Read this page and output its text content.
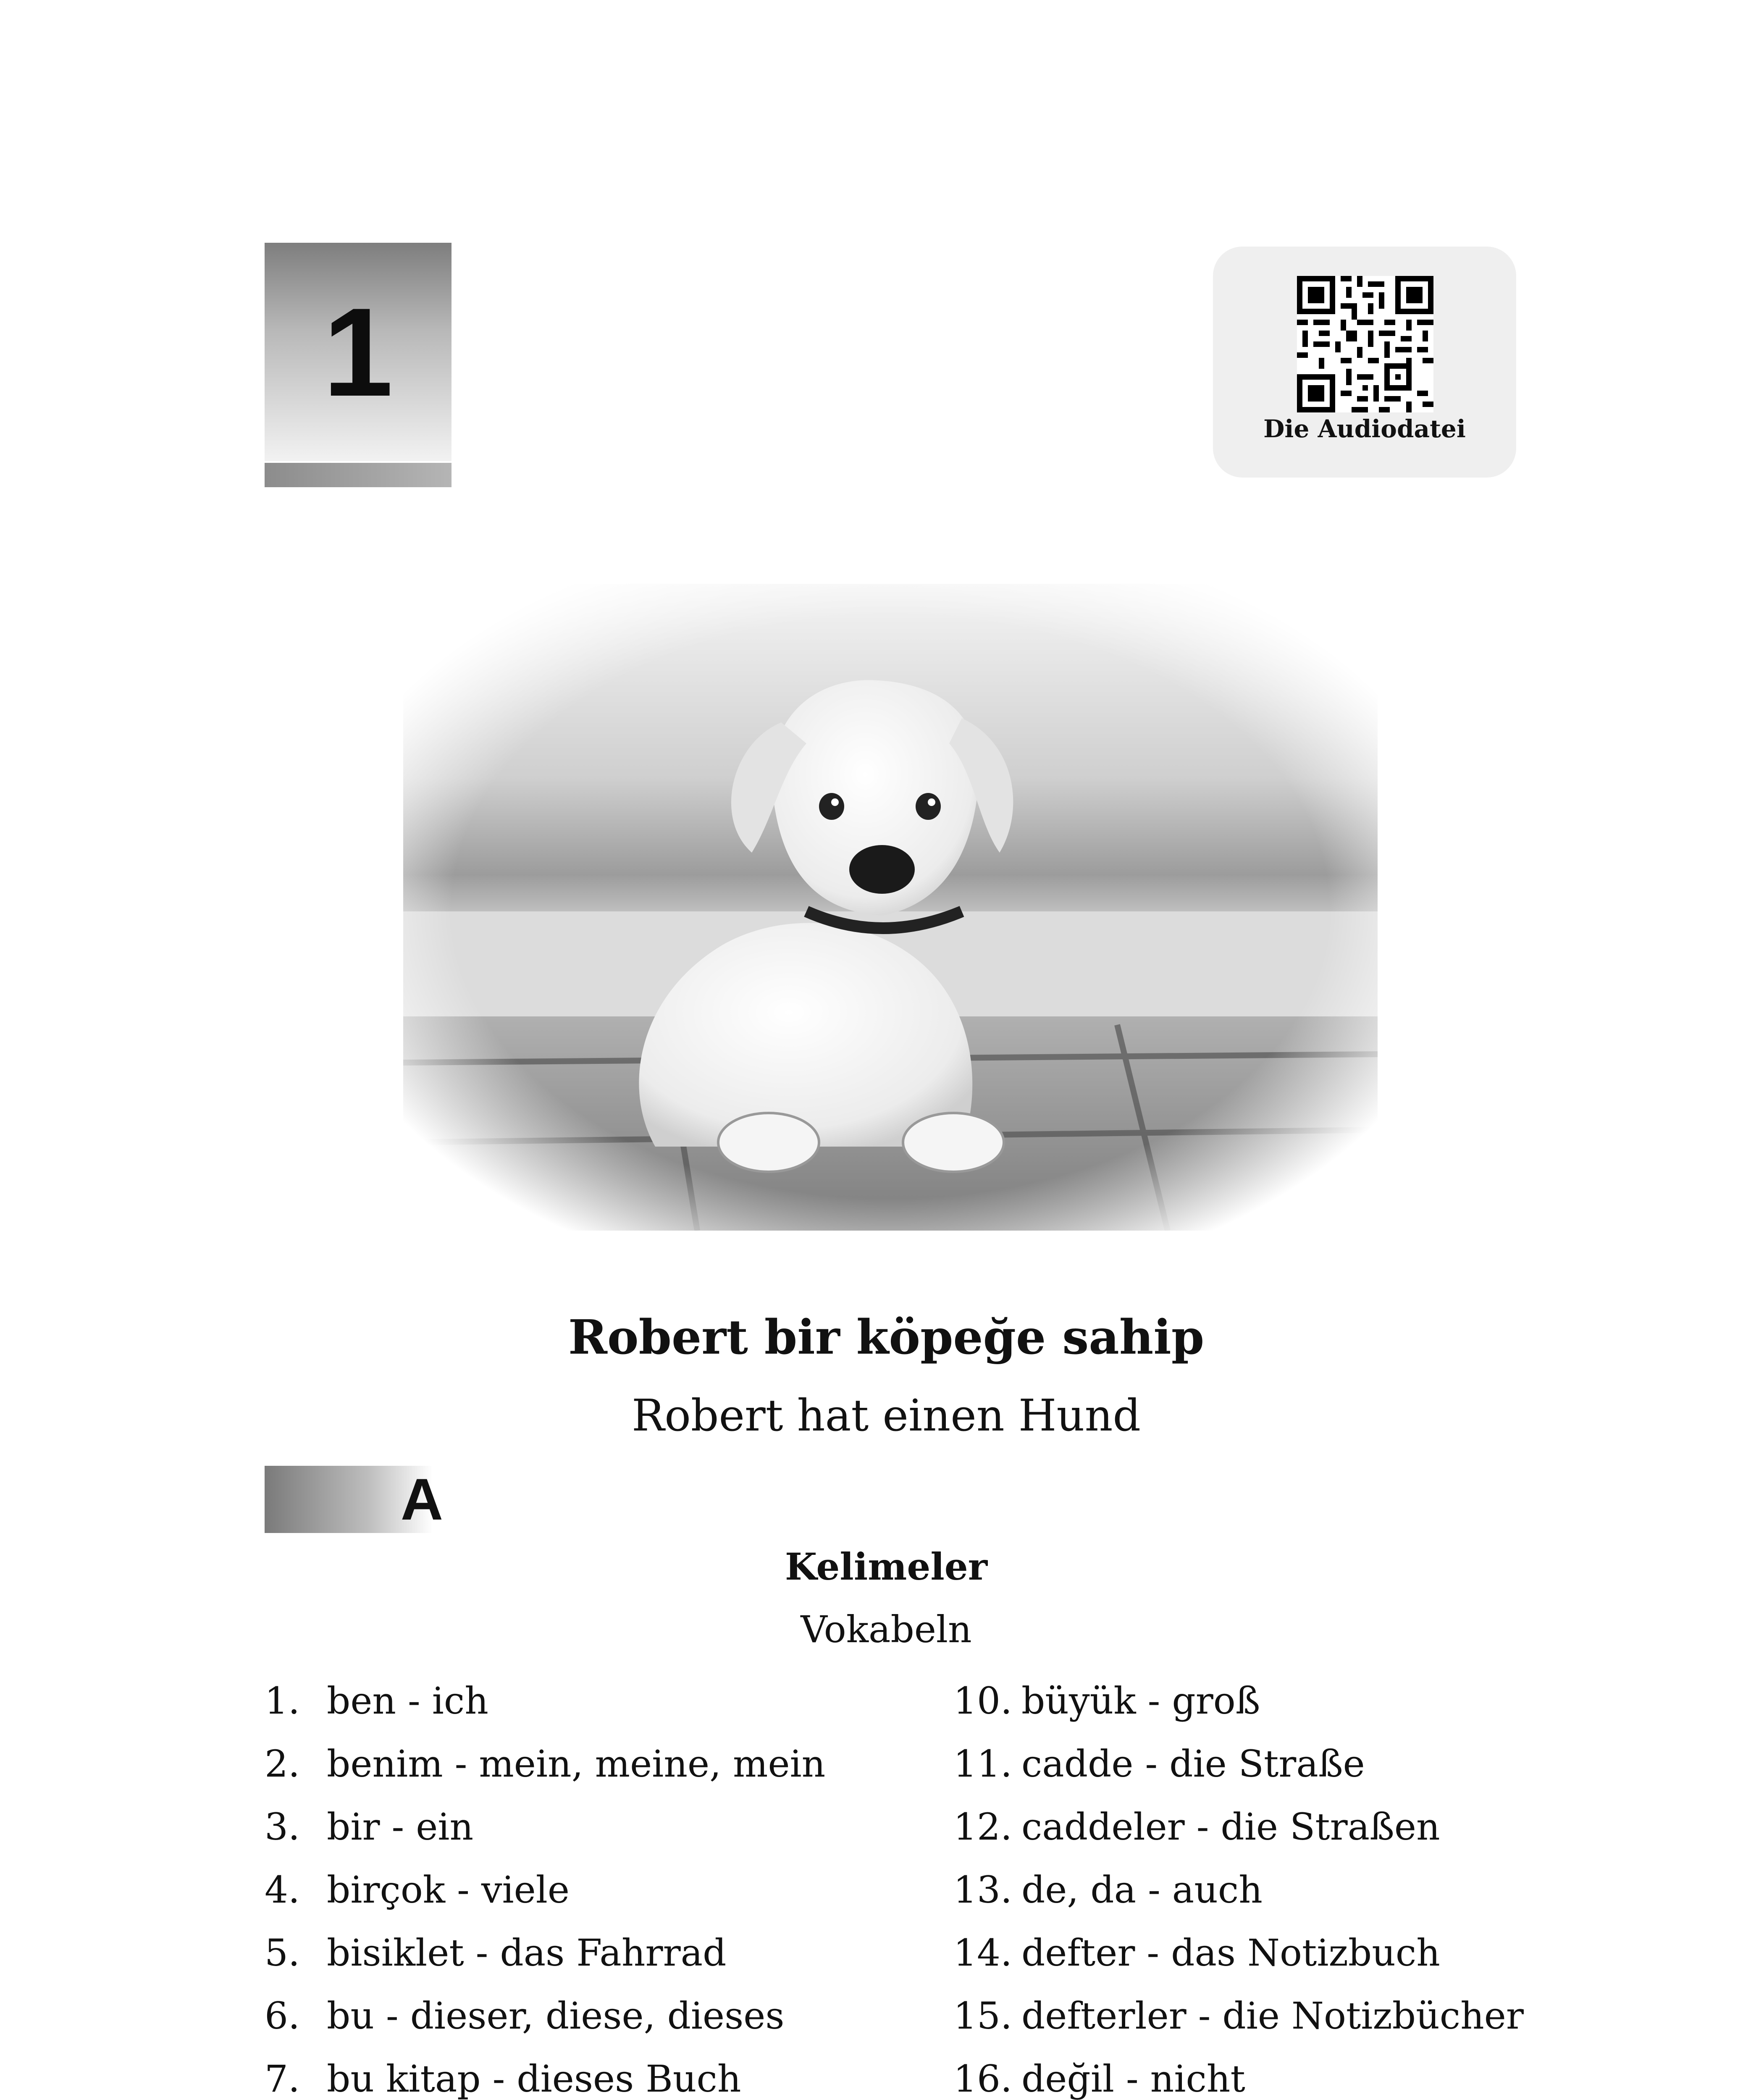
1
Die Audiodatei
Robert bir köpeğe sahip
Robert hat einen Hund
A
Kelimeler
Vokabeln
1. ben - ich
2. benim - mein, meine, mein
3. bir - ein
4. birçok - viele
5. bisiklet - das Fahrrad
6. bu - dieser, diese, dieses
7. bu kitap - dieses Buch
10. büyük - groß
11. cadde - die Straße
12. caddeler - die Straßen
13. de, da - auch
14. defter - das Notizbuch
15. defterler - die Notizbücher
16. değil - nicht
